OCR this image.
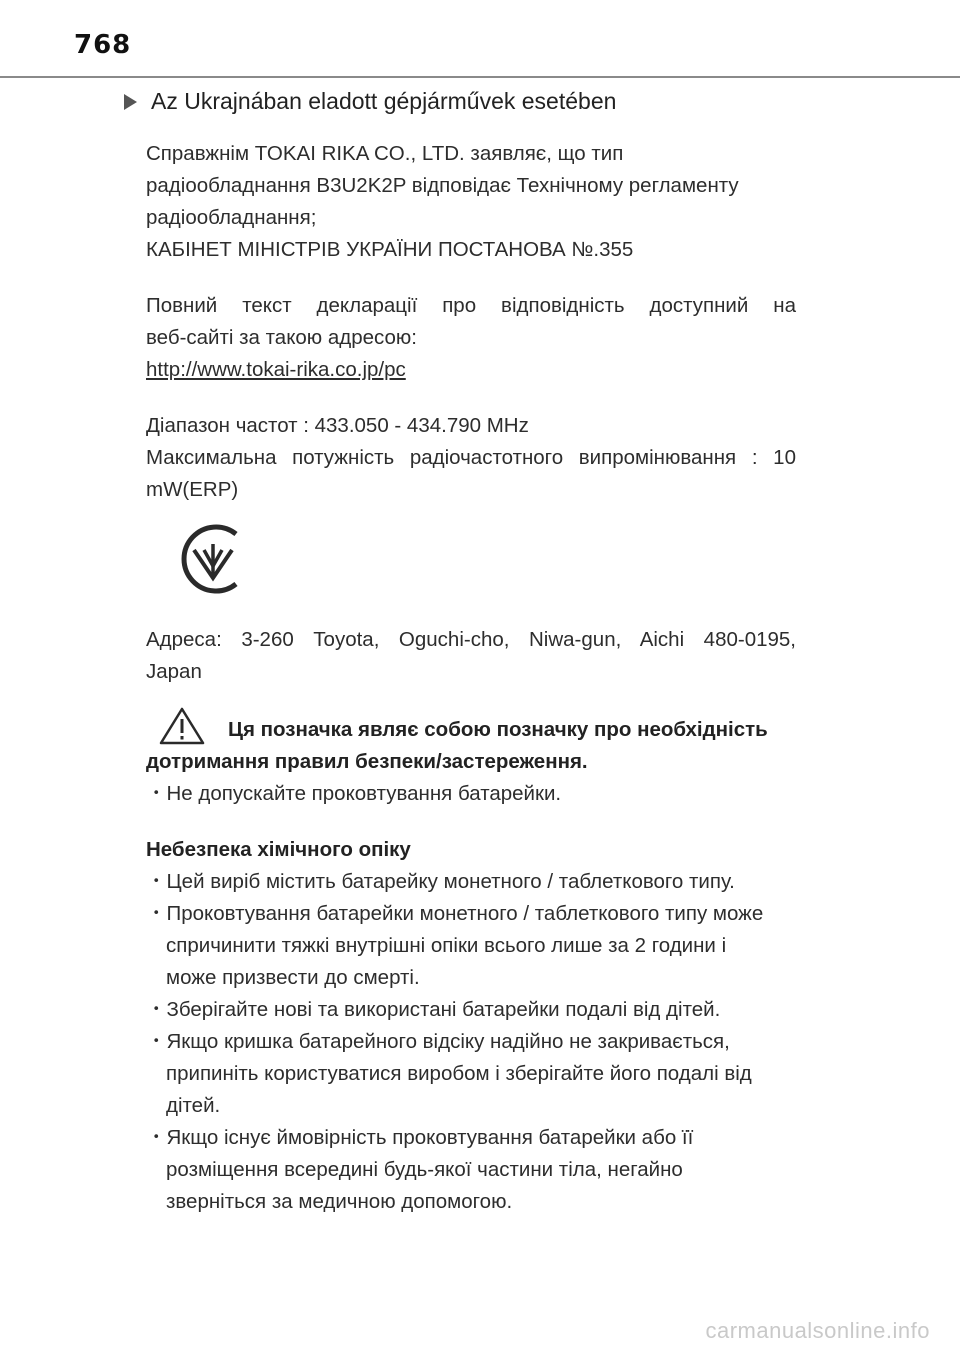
768
Az Ukrajnában eladott gépjárművek esetében

Справжнім TOKAI RIKA CO., LTD. заявляє, що тип

радіообладнання B3U2K2P відповідає Технічному регламенту

радіообладнання;

КАБІНЕТ МІНІСТРІВ УКРАЇНИ ПОСТАНОВА №.355

Повний текст декларації про відповідність доступний на

веб-сайті за такою адресою:

http://www.tokai-rika.co.jp/pc

Діапазон частот : 433.050 - 434.790 MHz

Максимальна потужність радіочастотного випромінювання : 10

mW(ERP)

Адреса: 3-260 Toyota, Oguchi-cho, Niwa-gun, Aichi 480-0195,

Japan

Ця позначка являє собою позначку про необхідність

дотримання правил безпеки/застереження.

・Не допускайте проковтування батарейки.

Небезпека хімічного опіку

・Цей виріб містить батарейку монетного / таблеткового типу.

・Проковтування батарейки монетного / таблеткового типу може

спричинити тяжкі внутрішні опіки всього лише за 2 години і

може призвести до смерті.

・Зберігайте нові та використані батарейки подалі від дітей.

・Якщо кришка батарейного відсіку надійно не закривається,

припиніть користуватися виробом і зберігайте його подалі від

дітей.

・Якщо існує ймовірність проковтування батарейки або її

розміщення всередині будь-якої частини тіла, негайно

зверніться за медичною допомогою.

carmanualsonline.info
